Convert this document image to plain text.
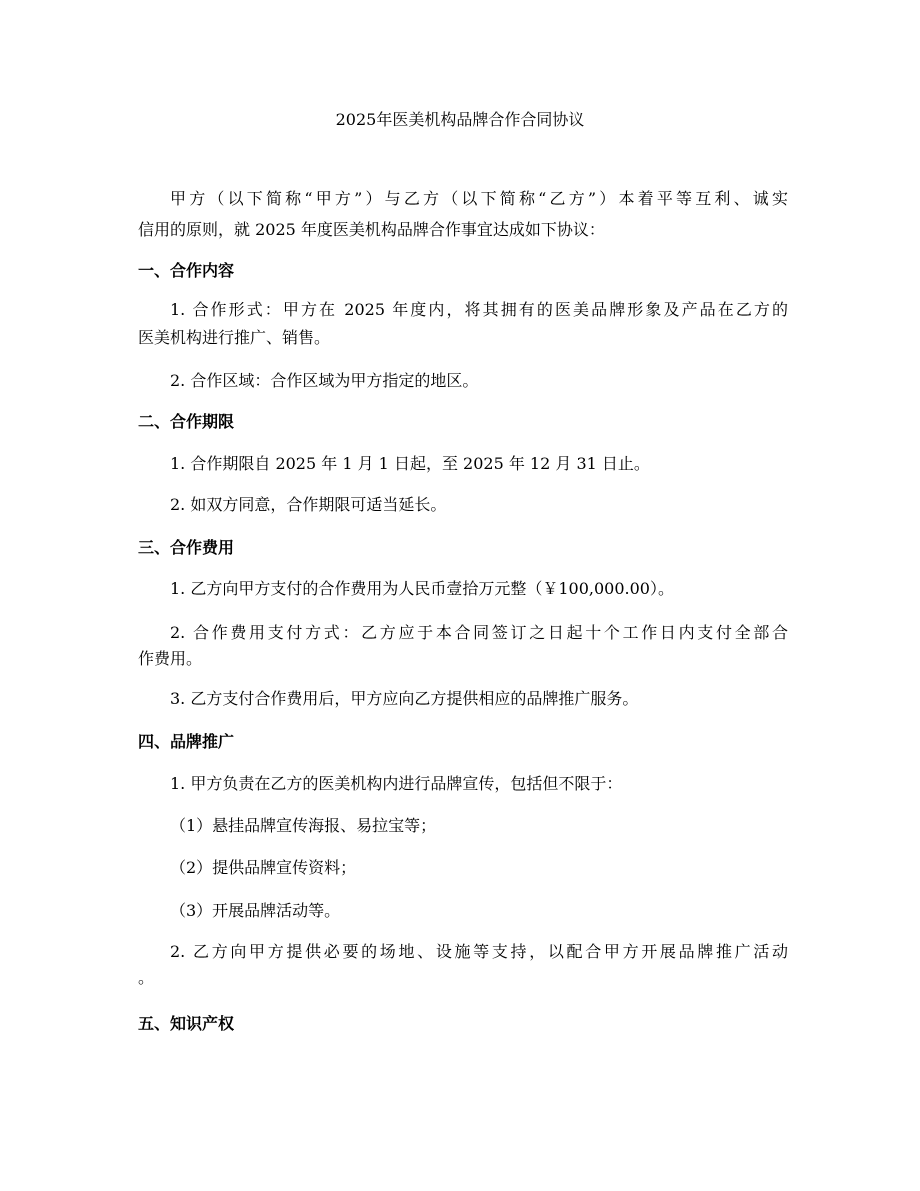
2025年医美机构品牌合作合同协议
甲方（以下简称“甲方”）与乙方（以下简称“乙方”）本着平等互利、诚实
信用的原则，就 2025 年度医美机构品牌合作事宜达成如下协议：
一、合作内容
1. 合作形式：甲方在 2025 年度内，将其拥有的医美品牌形象及产品在乙方的
医美机构进行推广、销售。
2. 合作区域：合作区域为甲方指定的地区。
二、合作期限
1. 合作期限自 2025 年 1 月 1 日起，至 2025 年 12 月 31 日止。
2. 如双方同意，合作期限可适当延长。
三、合作费用
1. 乙方向甲方支付的合作费用为人民币壹拾万元整（￥100,000.00）。
2. 合作费用支付方式：乙方应于本合同签订之日起十个工作日内支付全部合
作费用。
3. 乙方支付合作费用后，甲方应向乙方提供相应的品牌推广服务。
四、品牌推广
1. 甲方负责在乙方的医美机构内进行品牌宣传，包括但不限于：
（1）悬挂品牌宣传海报、易拉宝等；
（2）提供品牌宣传资料；
（3）开展品牌活动等。
2. 乙方向甲方提供必要的场地、设施等支持，以配合甲方开展品牌推广活动
。
五、知识产权
